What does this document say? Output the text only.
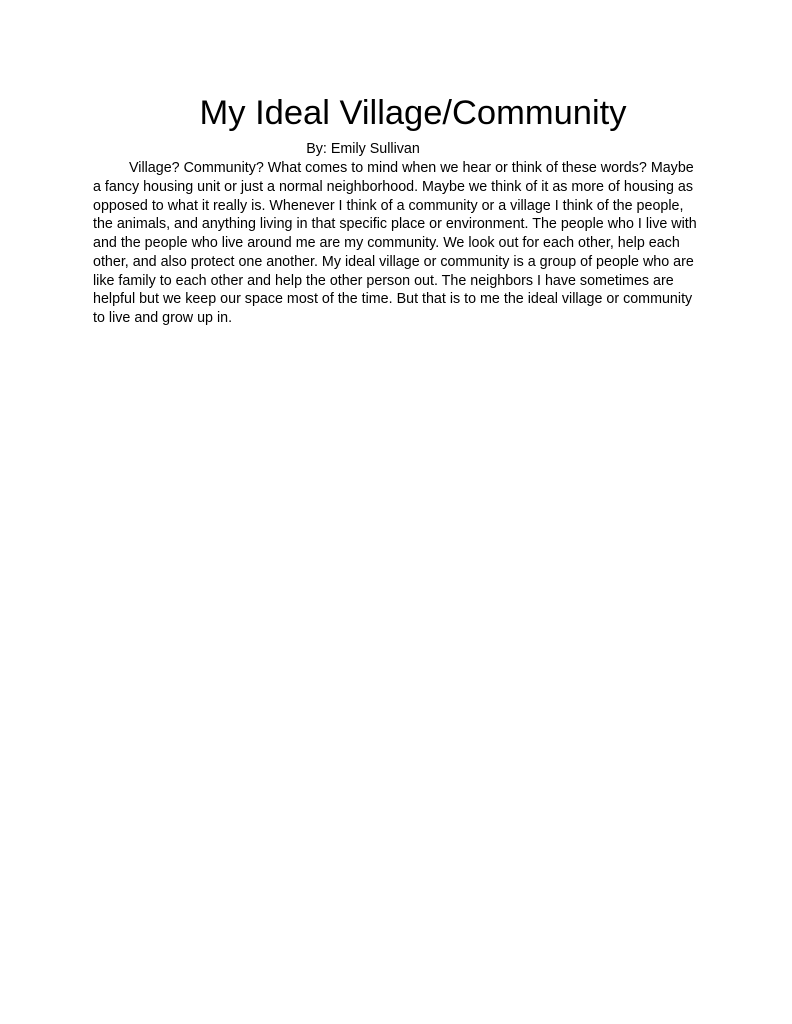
My Ideal Village/Community

By: Emily Sullivan

Village? Community? What comes to mind when we hear or think of these words? Maybe
a fancy housing unit or just a normal neighborhood. Maybe we think of it as more of housing as
opposed to what it really is. Whenever I think of a community or a village I think of the people,
the animals, and anything living in that specific place or environment. The people who I live with
and the people who live around me are my community. We look out for each other, help each
other, and also protect one another. My ideal village or community is a group of people who are
like family to each other and help the other person out. The neighbors I have sometimes are
helpful but we keep our space most of the time. But that is to me the ideal village or community
to live and grow up in.
